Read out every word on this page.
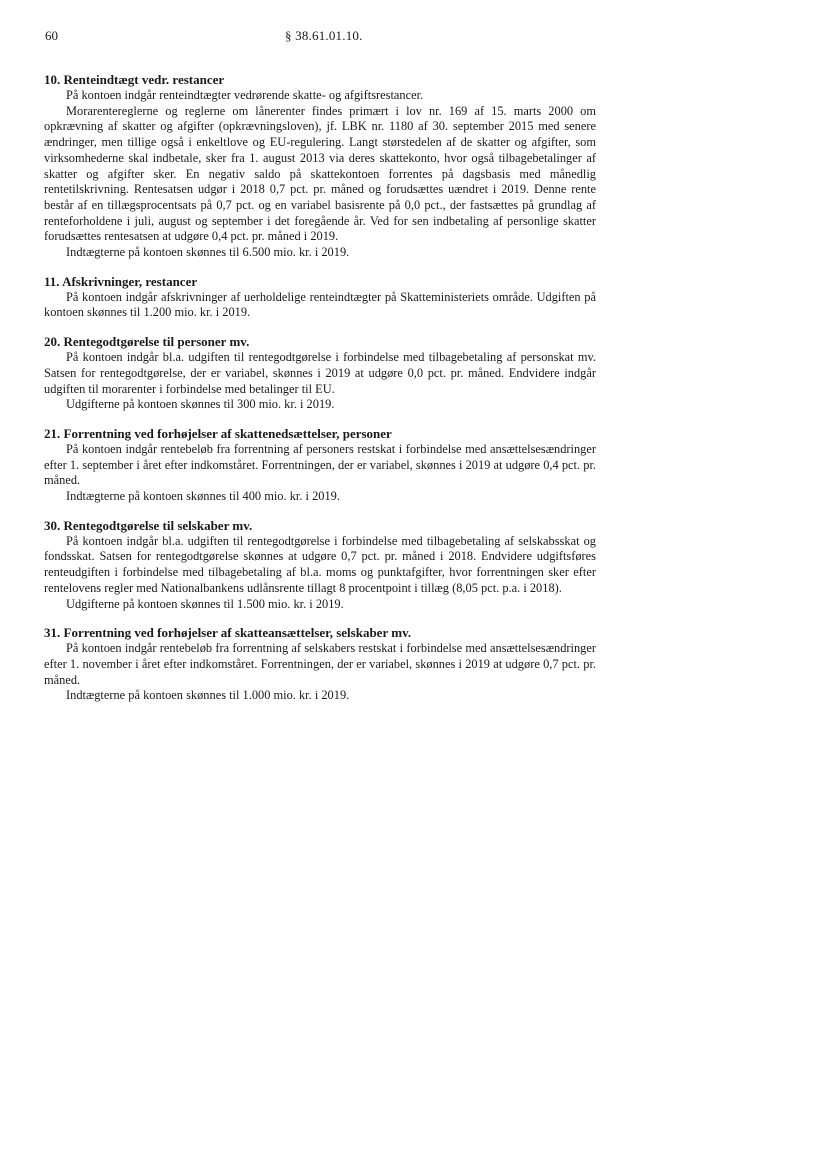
60	§ 38.61.01.10.
10. Renteindtægt vedr. restancer

På kontoen indgår renteindtægter vedrørende skatte- og afgiftsrestancer.

Morarentereglerne og reglerne om lånerenter findes primært i lov nr. 169 af 15. marts 2000 om opkrævning af skatter og afgifter (opkrævningsloven), jf. LBK nr. 1180 af 30. september 2015 med senere ændringer, men tillige også i enkeltlove og EU-regulering. Langt størstedelen af de skatter og afgifter, som virksomhederne skal indbetale, sker fra 1. august 2013 via deres skattekonto, hvor også tilbagebetalinger af skatter og afgifter sker. En negativ saldo på skattekontoen forrentes på dagsbasis med månedlig rentetilskrivning. Rentesatsen udgør i 2018 0,7 pct. pr. måned og forudsættes uændret i 2019. Denne rente består af en tillægsprocentsats på 0,7 pct. og en variabel basisrente på 0,0 pct., der fastsættes på grundlag af renteforholdene i juli, august og september i det foregående år. Ved for sen indbetaling af personlige skatter forudsættes rentesatsen at udgøre 0,4 pct. pr. måned i 2019.

Indtægterne på kontoen skønnes til 6.500 mio. kr. i 2019.

11. Afskrivninger, restancer

På kontoen indgår afskrivninger af uerholdelige renteindtægter på Skatteministeriets område. Udgiften på kontoen skønnes til 1.200 mio. kr. i 2019.

20. Rentegodtgørelse til personer mv.

På kontoen indgår bl.a. udgiften til rentegodtgørelse i forbindelse med tilbagebetaling af personskat mv. Satsen for rentegodtgørelse, der er variabel, skønnes i 2019 at udgøre 0,0 pct. pr. måned. Endvidere indgår udgiften til morarenter i forbindelse med betalinger til EU.

Udgifterne på kontoen skønnes til 300 mio. kr. i 2019.

21. Forrentning ved forhøjelser af skattenedsættelser, personer

På kontoen indgår rentebeløb fra forrentning af personers restskat i forbindelse med ansættelsesændringer efter 1. september i året efter indkomståret. Forrentningen, der er variabel, skønnes i 2019 at udgøre 0,4 pct. pr. måned.

Indtægterne på kontoen skønnes til 400 mio. kr. i 2019.

30. Rentegodtgørelse til selskaber mv.

På kontoen indgår bl.a. udgiften til rentegodtgørelse i forbindelse med tilbagebetaling af selskabsskat og fondsskat. Satsen for rentegodtgørelse skønnes at udgøre 0,7 pct. pr. måned i 2018. Endvidere udgiftsføres renteudgiften i forbindelse med tilbagebetaling af bl.a. moms og punktafgifter, hvor forrentningen sker efter rentelovens regler med Nationalbankens udlånsrente tillagt 8 procentpoint i tillæg (8,05 pct. p.a. i 2018).

Udgifterne på kontoen skønnes til 1.500 mio. kr. i 2019.

31. Forrentning ved forhøjelser af skatteansættelser, selskaber mv.

På kontoen indgår rentebeløb fra forrentning af selskabers restskat i forbindelse med ansættelsesændringer efter 1. november i året efter indkomståret. Forrentningen, der er variabel, skønnes i 2019 at udgøre 0,7 pct. pr. måned.

Indtægterne på kontoen skønnes til 1.000 mio. kr. i 2019.
